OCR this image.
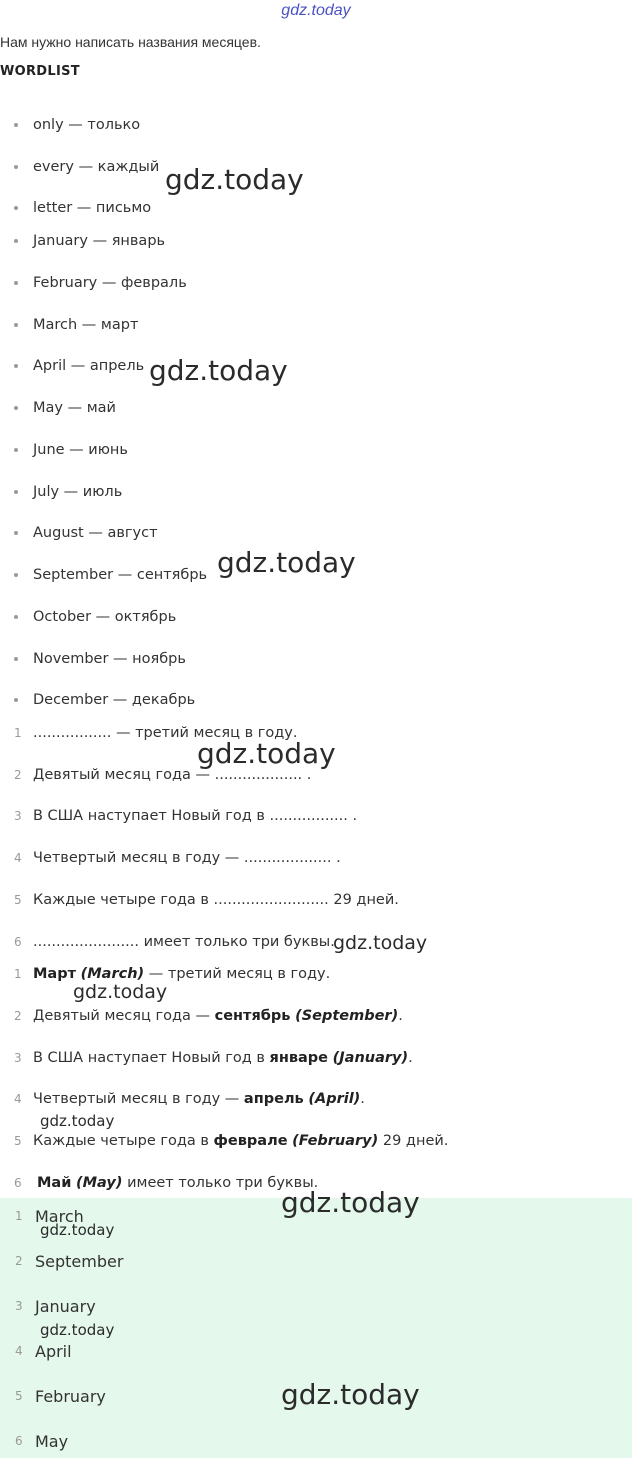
gdz.today
Нам нужно написать названия месяцев.
WORDLIST
only — только
every — каждый
letter — письмо
January — январь
February — февраль
March — март
April — апрель
May — май
June — июнь
July — июль
August — август
September — сентябрь
October — октябрь
November — ноябрь
December — декабрь
1 ................. — третий месяц в году.
2 Девятый месяц года — ................... .
3 В США наступает Новый год в ................. .
4 Четвертый месяц в году — ................... .
5 Каждые четыре года в ......................... 29 дней.
6 ....................... имеет только три буквы.
1 Март (March) — третий месяц в году.
2 Девятый месяц года — сентябрь (September).
3 В США наступает Новый год в январе (January).
4 Четвертый месяц в году — апрель (April).
5 Каждые четыре года в феврале (February) 29 дней.
6 Май (May) имеет только три буквы.
1 March
2 September
3 January
4 April
5 February
6 May
gdz.today
gdz.today
gdz.today
gdz.today
gdz.today
gdz.today
gdz.today
gdz.today
gdz.today
gdz.today
gdz.today
